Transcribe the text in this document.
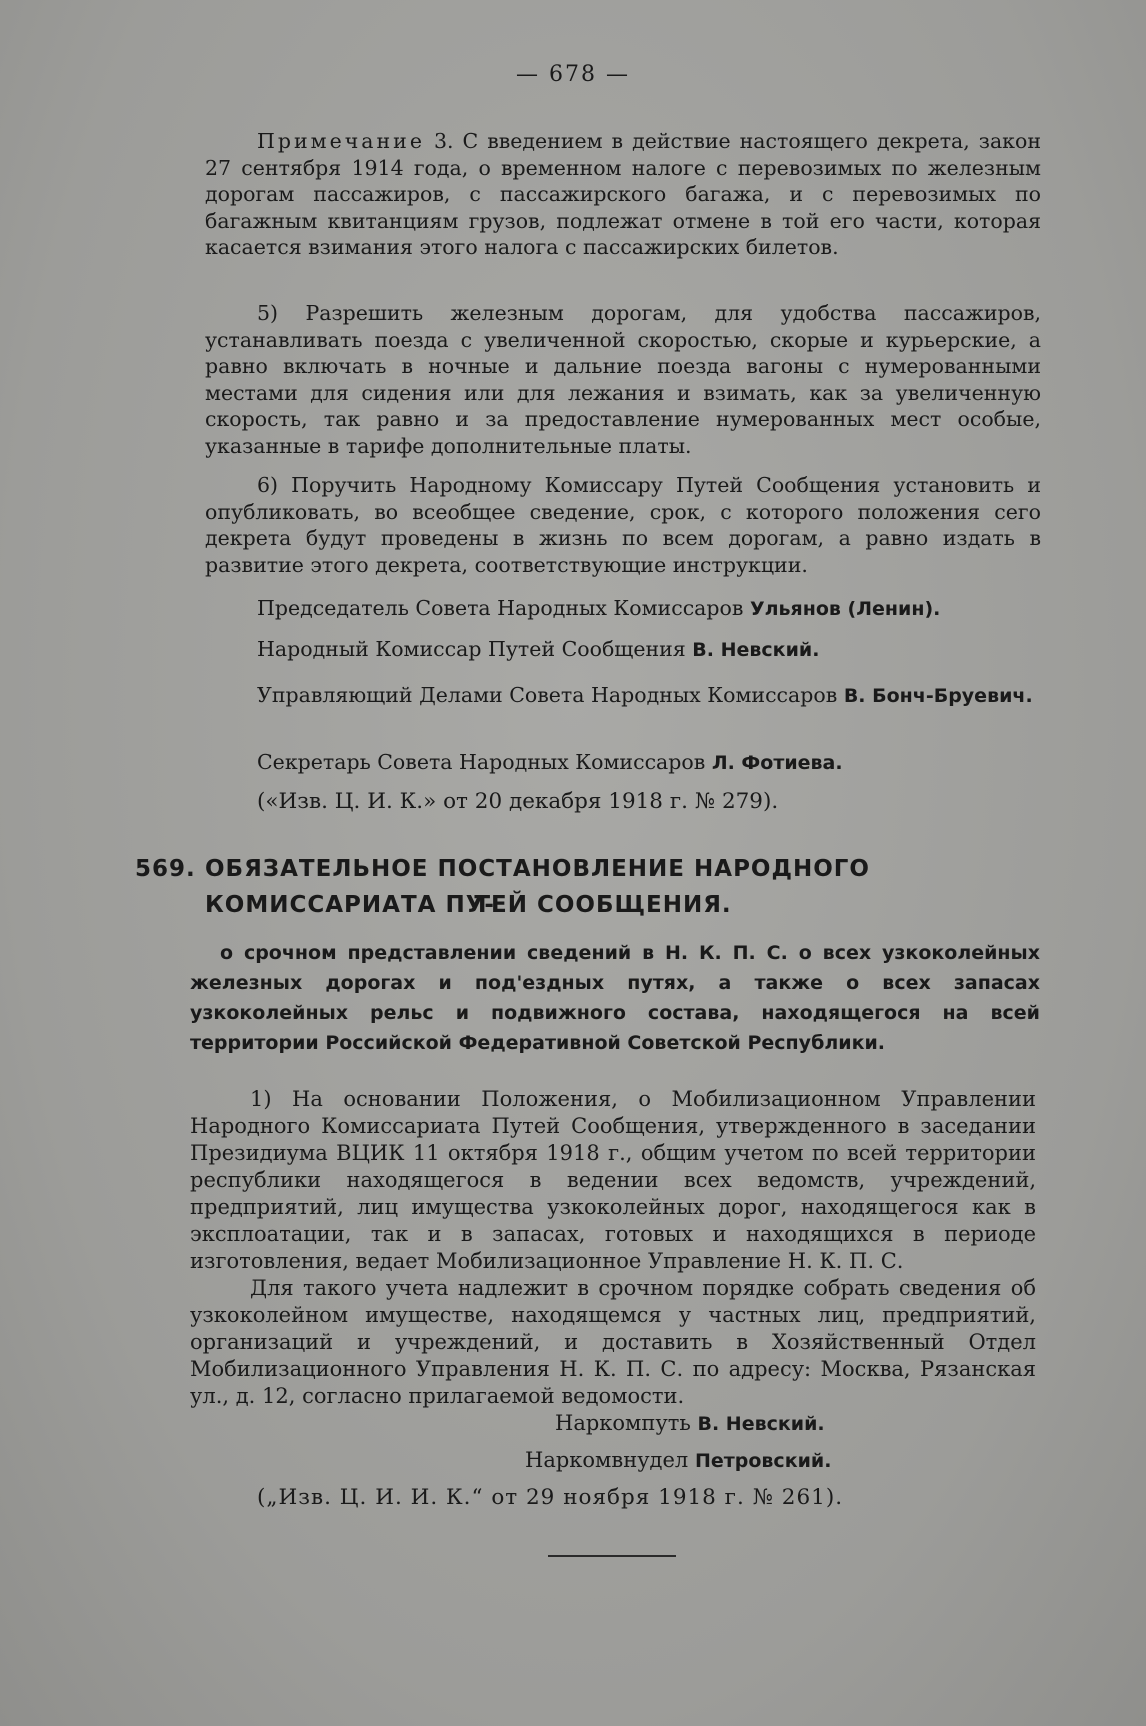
— 678 —
Примечание 3. С введением в действие настоящего декрета, закон 27 сентября 1914 года, о временном налоге с перевозимых по железным дорогам пассажиров, с пассажирского багажа, и с перевозимых по багажным квитанциям грузов, подлежат отмене в той его части, которая касается взимания этого налога с пассажирских билетов.
5) Разрешить железным дорогам, для удобства пассажиров, устанавливать поезда с увеличенной скоростью, скорые и курьерские, а равно включать в ночные и дальние поезда вагоны с нумерованными местами для сидения или для лежания и взимать, как за увеличенную скорость, так равно и за предоставление нумерованных мест особые, указанные в тарифе дополнительные платы.
6) Поручить Народному Комиссару Путей Сообщения установить и опубликовать, во всеобщее сведение, срок, с которого положения сего декрета будут проведены в жизнь по всем дорогам, а равно издать в развитие этого декрета, соответствующие инструкции.
Председатель Совета Народных Комиссаров Ульянов (Ленин).
Народный Комиссар Путей Сообщения В. Невский.
Управляющий Делами Совета Народных Комиссаров В. Бонч-Бруевич.
Секретарь Совета Народных Комиссаров Л. Фотиева.
(«Изв. Ц. И. К.» от 20 декабря 1918 г. № 279).
569. ОБЯЗАТЕЛЬНОЕ ПОСТАНОВЛЕНИЕ НАРОДНОГО КОМИССАРИАТА ПУ-
ТЕЙ СООБЩЕНИЯ.
о срочном представлении сведений в Н. К. П. С. о всех узкоколейных железных дорогах и под'ездных путях, а также о всех запасах узкоколейных рельс и подвижного состава, находящегося на всей территории Российской Федеративной Советской Республики.
1) На основании Положения, о Мобилизационном Управлении Народного Комиссариата Путей Сообщения, утвержденного в заседании Президиума ВЦИК 11 октября 1918 г., общим учетом по всей территории республики находящегося в ведении всех ведомств, учреждений, предприятий, лиц имущества узкоколейных дорог, находящегося как в эксплоатации, так и в запасах, готовых и находящихся в периоде изготовления, ведает Мобилизационное Управление Н. К. П. С.
Для такого учета надлежит в срочном порядке собрать сведения об узкоколейном имуществе, находящемся у частных лиц, предприятий, организаций и учреждений, и доставить в Хозяйственный Отдел Мобилизационного Управления Н. К. П. С. по адресу: Москва, Рязанская ул., д. 12, согласно прилагаемой ведомости.
Наркомпуть В. Невский.
Наркомвнудел Петровский.
(„Изв. Ц. И. И. К.“ от 29 ноября 1918 г. № 261).
